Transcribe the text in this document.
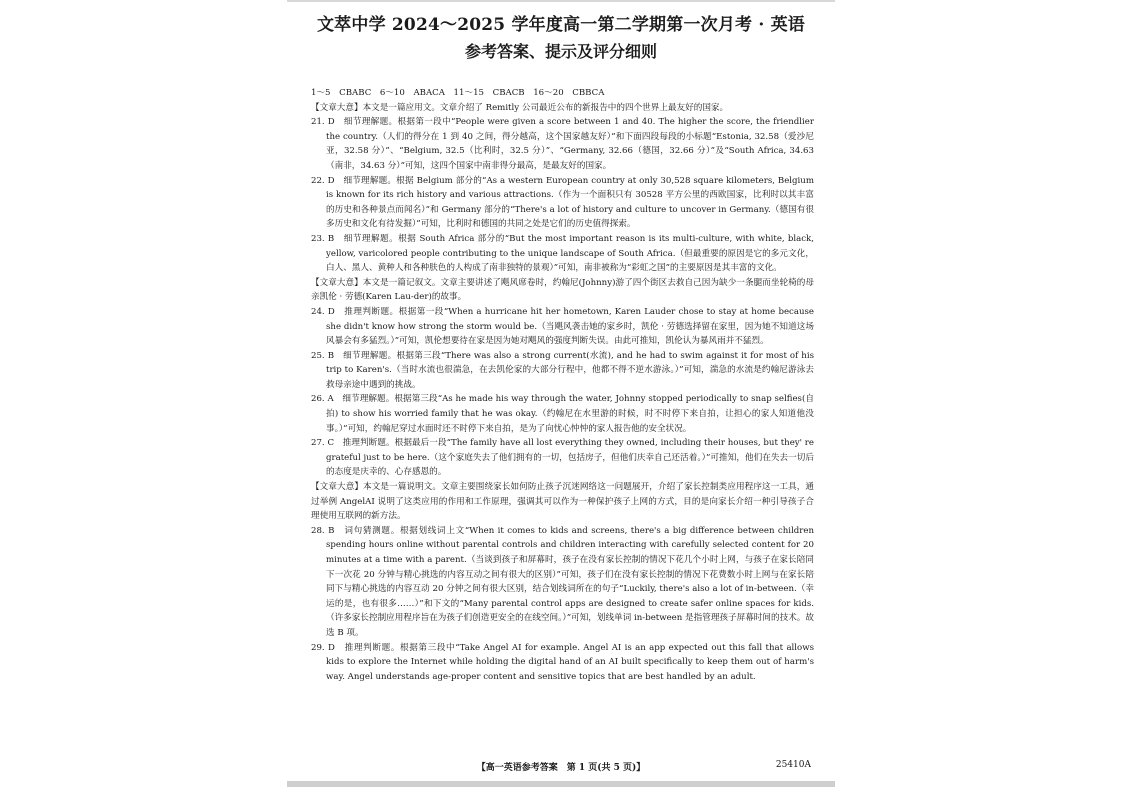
文萃中学 2024～2025 学年度高一第二学期第一次月考 · 英语
参考答案、提示及评分细则

1～5　CBABC　6～10　ABACA　11～15　CBACB　16～20　CBBCA

【文章大意】本文是一篇应用文。文章介绍了 Remitly 公司最近公布的新报告中的四个世界上最友好的国家。

21. D　细节理解题。根据第一段中“People were given a score between 1 and 40. The higher the score, the friendlier the country.（人们的得分在 1 到 40 之间，得分越高，这个国家越友好）”和下面四段每段的小标题“Estonia, 32.58（爱沙尼亚，32.58 分）”、“Belgium, 32.5（比利时，32.5 分）”、“Germany, 32.66（德国，32.66 分）”及“South Africa, 34.63（南非，34.63 分）”可知，这四个国家中南非得分最高，是最友好的国家。

22. D　细节理解题。根据 Belgium 部分的“As a western European country at only 30,528 square kilometers, Belgium is known for its rich history and various attractions.（作为一个面积只有 30528 平方公里的西欧国家，比利时以其丰富的历史和各种景点而闻名）”和 Germany 部分的“There's a lot of history and culture to uncover in Germany.（德国有很多历史和文化有待发掘）”可知，比利时和德国的共同之处是它们的历史值得探索。

23. B　细节理解题。根据 South Africa 部分的“But the most important reason is its multi-culture, with white, black, yellow, varicolored people contributing to the unique landscape of South Africa.（但最重要的原因是它的多元文化，白人、黑人、黄种人和各种肤色的人构成了南非独特的景观）”可知，南非被称为“彩虹之国”的主要原因是其丰富的文化。

【文章大意】本文是一篇记叙文。文章主要讲述了飓风席卷时，约翰尼(Johnny)游了四个街区去救自己因为缺少一条腿而坐轮椅的母亲凯伦 · 劳德(Karen Lau-der)的故事。

24. D　推理判断题。根据第一段“When a hurricane hit her hometown, Karen Lauder chose to stay at home because she didn't know how strong the storm would be.（当飓风袭击她的家乡时，凯伦 · 劳德选择留在家里，因为她不知道这场风暴会有多猛烈。）”可知，凯伦想要待在家是因为她对飓风的强度判断失误。由此可推知，凯伦认为暴风雨并不猛烈。

25. B　细节理解题。根据第三段“There was also a strong current(水流), and he had to swim against it for most of his trip to Karen's.（当时水流也很湍急，在去凯伦家的大部分行程中，他都不得不逆水游泳。）”可知，湍急的水流是约翰尼游泳去救母亲途中遇到的挑战。

26. A　细节理解题。根据第三段“As he made his way through the water, Johnny stopped periodically to snap selfies(自拍) to show his worried family that he was okay.（约翰尼在水里游的时候，时不时停下来自拍，让担心的家人知道他没事。）”可知，约翰尼穿过水面时还不时停下来自拍，是为了向忧心忡忡的家人报告他的安全状况。

27. C　推理判断题。根据最后一段“The family have all lost everything they owned, including their houses, but they' re grateful just to be here.（这个家庭失去了他们拥有的一切，包括房子，但他们庆幸自己还活着。）”可推知，他们在失去一切后的态度是庆幸的、心存感恩的。

【文章大意】本文是一篇说明文。文章主要围绕家长如何防止孩子沉迷网络这一问题展开，介绍了家长控制类应用程序这一工具，通过举例 AngelAI 说明了这类应用的作用和工作原理，强调其可以作为一种保护孩子上网的方式，目的是向家长介绍一种引导孩子合理使用互联网的新方法。

28. B　词句猜测题。根据划线词上文“When it comes to kids and screens, there's a big difference between children spending hours online without parental controls and children interacting with carefully selected content for 20 minutes at a time with a parent.（当谈到孩子和屏幕时，孩子在没有家长控制的情况下花几个小时上网，与孩子在家长陪同下一次花 20 分钟与精心挑选的内容互动之间有很大的区别）”可知，孩子们在没有家长控制的情况下花费数小时上网与在家长陪同下与精心挑选的内容互动 20 分钟之间有很大区别，结合划线词所在的句子“Luckily, there's also a lot of in-between.（幸运的是，也有很多……）”和下文的“Many parental control apps are designed to create safer online spaces for kids.（许多家长控制应用程序旨在为孩子们创造更安全的在线空间。）”可知，划线单词 in-between 是指管理孩子屏幕时间的技术。故选 B 项。

29. D　推理判断题。根据第三段中“Take Angel AI for example. Angel AI is an app expected out this fall that allows kids to explore the Internet while holding the digital hand of an AI built specifically to keep them out of harm's way. Angel understands age-proper content and sensitive topics that are best handled by an adult.

【高一英语参考答案　第 1 页(共 5 页)】	25410A
